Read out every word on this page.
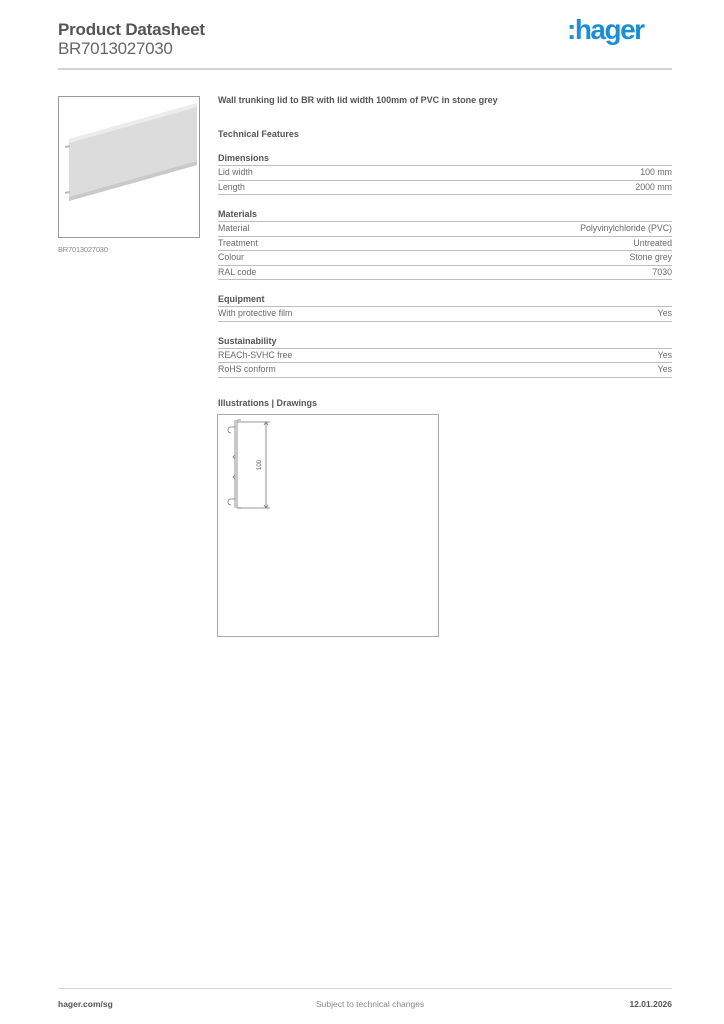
Product Datasheet
BR7013027030
:hager
BR7013027030
Wall trunking lid to BR with lid width 100mm of PVC in stone grey
Technical Features
Dimensions
Lid width	100 mm
Length	2000 mm
Materials
Material	Polyvinylchloride (PVC)
Treatment	Untreated
Colour	Stone grey
RAL code	7030
Equipment
With protective film	Yes
Sustainability
REACh-SVHC free	Yes
RoHS conform	Yes
Illustrations | Drawings
100
hager.com/sg	Subject to technical changes	12.01.2026
